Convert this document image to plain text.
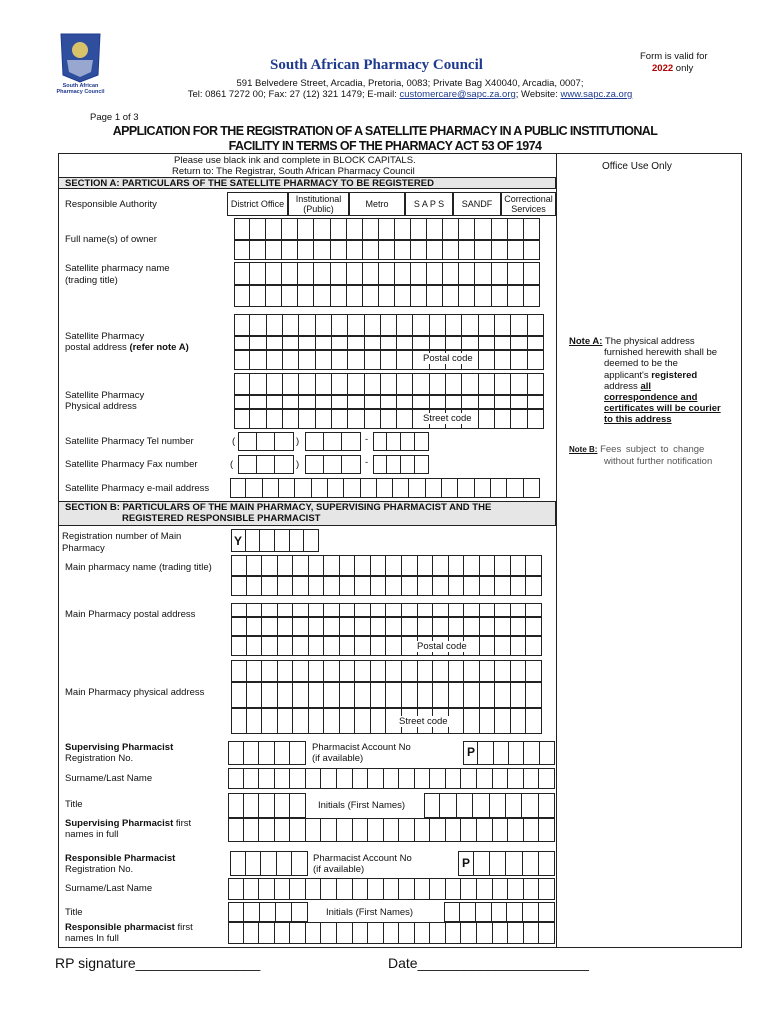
South African Pharmacy Council
South African Pharmacy Council
Form is valid for
2022 only
591 Belvedere Street, Arcadia, Pretoria, 0083; Private Bag X40040, Arcadia, 0007;
Tel: 0861 7272 00; Fax: 27 (12) 321 1479; E-mail: customercare@sapc.za.org; Website: www.sapc.za.org
Page 1 of 3
APPLICATION FOR THE REGISTRATION OF A SATELLITE PHARMACY IN A PUBLIC INSTITUTIONAL
FACILITY IN TERMS OF THE PHARMACY ACT 53 OF 1974
Please use black ink and complete in BLOCK CAPITALS.
Return to: The Registrar, South African Pharmacy Council	Office Use Only
SECTION A: PARTICULARS OF THE SATELLITE PHARMACY TO BE REGISTERED
Responsible Authority	District Office	Institutional (Public)	Metro	S A P S	SANDF	Correctional Services
Full name(s) of owner
Satellite pharmacy name
(trading title)
Satellite Pharmacy
postal address (refer note A)
Postal code
Satellite Pharmacy
Physical address
Street code
Satellite Pharmacy Tel number	(	)	-
Satellite Pharmacy Fax number	(	)	-
Satellite Pharmacy e-mail address
Note A: The physical address
furnished herewith shall be
deemed to be the
applicant's registered
address all
correspondence and
certificates will be courier
to this address
Note B: Fees subject to change
without further notification
SECTION B: PARTICULARS OF THE MAIN PHARMACY, SUPERVISING PHARMACIST AND THE
REGISTERED RESPONSIBLE PHARMACIST
Registration number of Main
Pharmacy
Y
Main pharmacy name (trading title)
Main Pharmacy postal address
Postal code
Main Pharmacy physical address
Street code
Supervising Pharmacist
Registration No.
Pharmacist Account No
(if available)	P
Surname/Last Name
Title	Initials (First Names)
Supervising Pharmacist first
names in full
Responsible Pharmacist
Registration No.
Pharmacist Account No
(if available)	P
Surname/Last Name
Title	Initials (First Names)
Responsible pharmacist first
names In full
RP signature________________	Date______________________
